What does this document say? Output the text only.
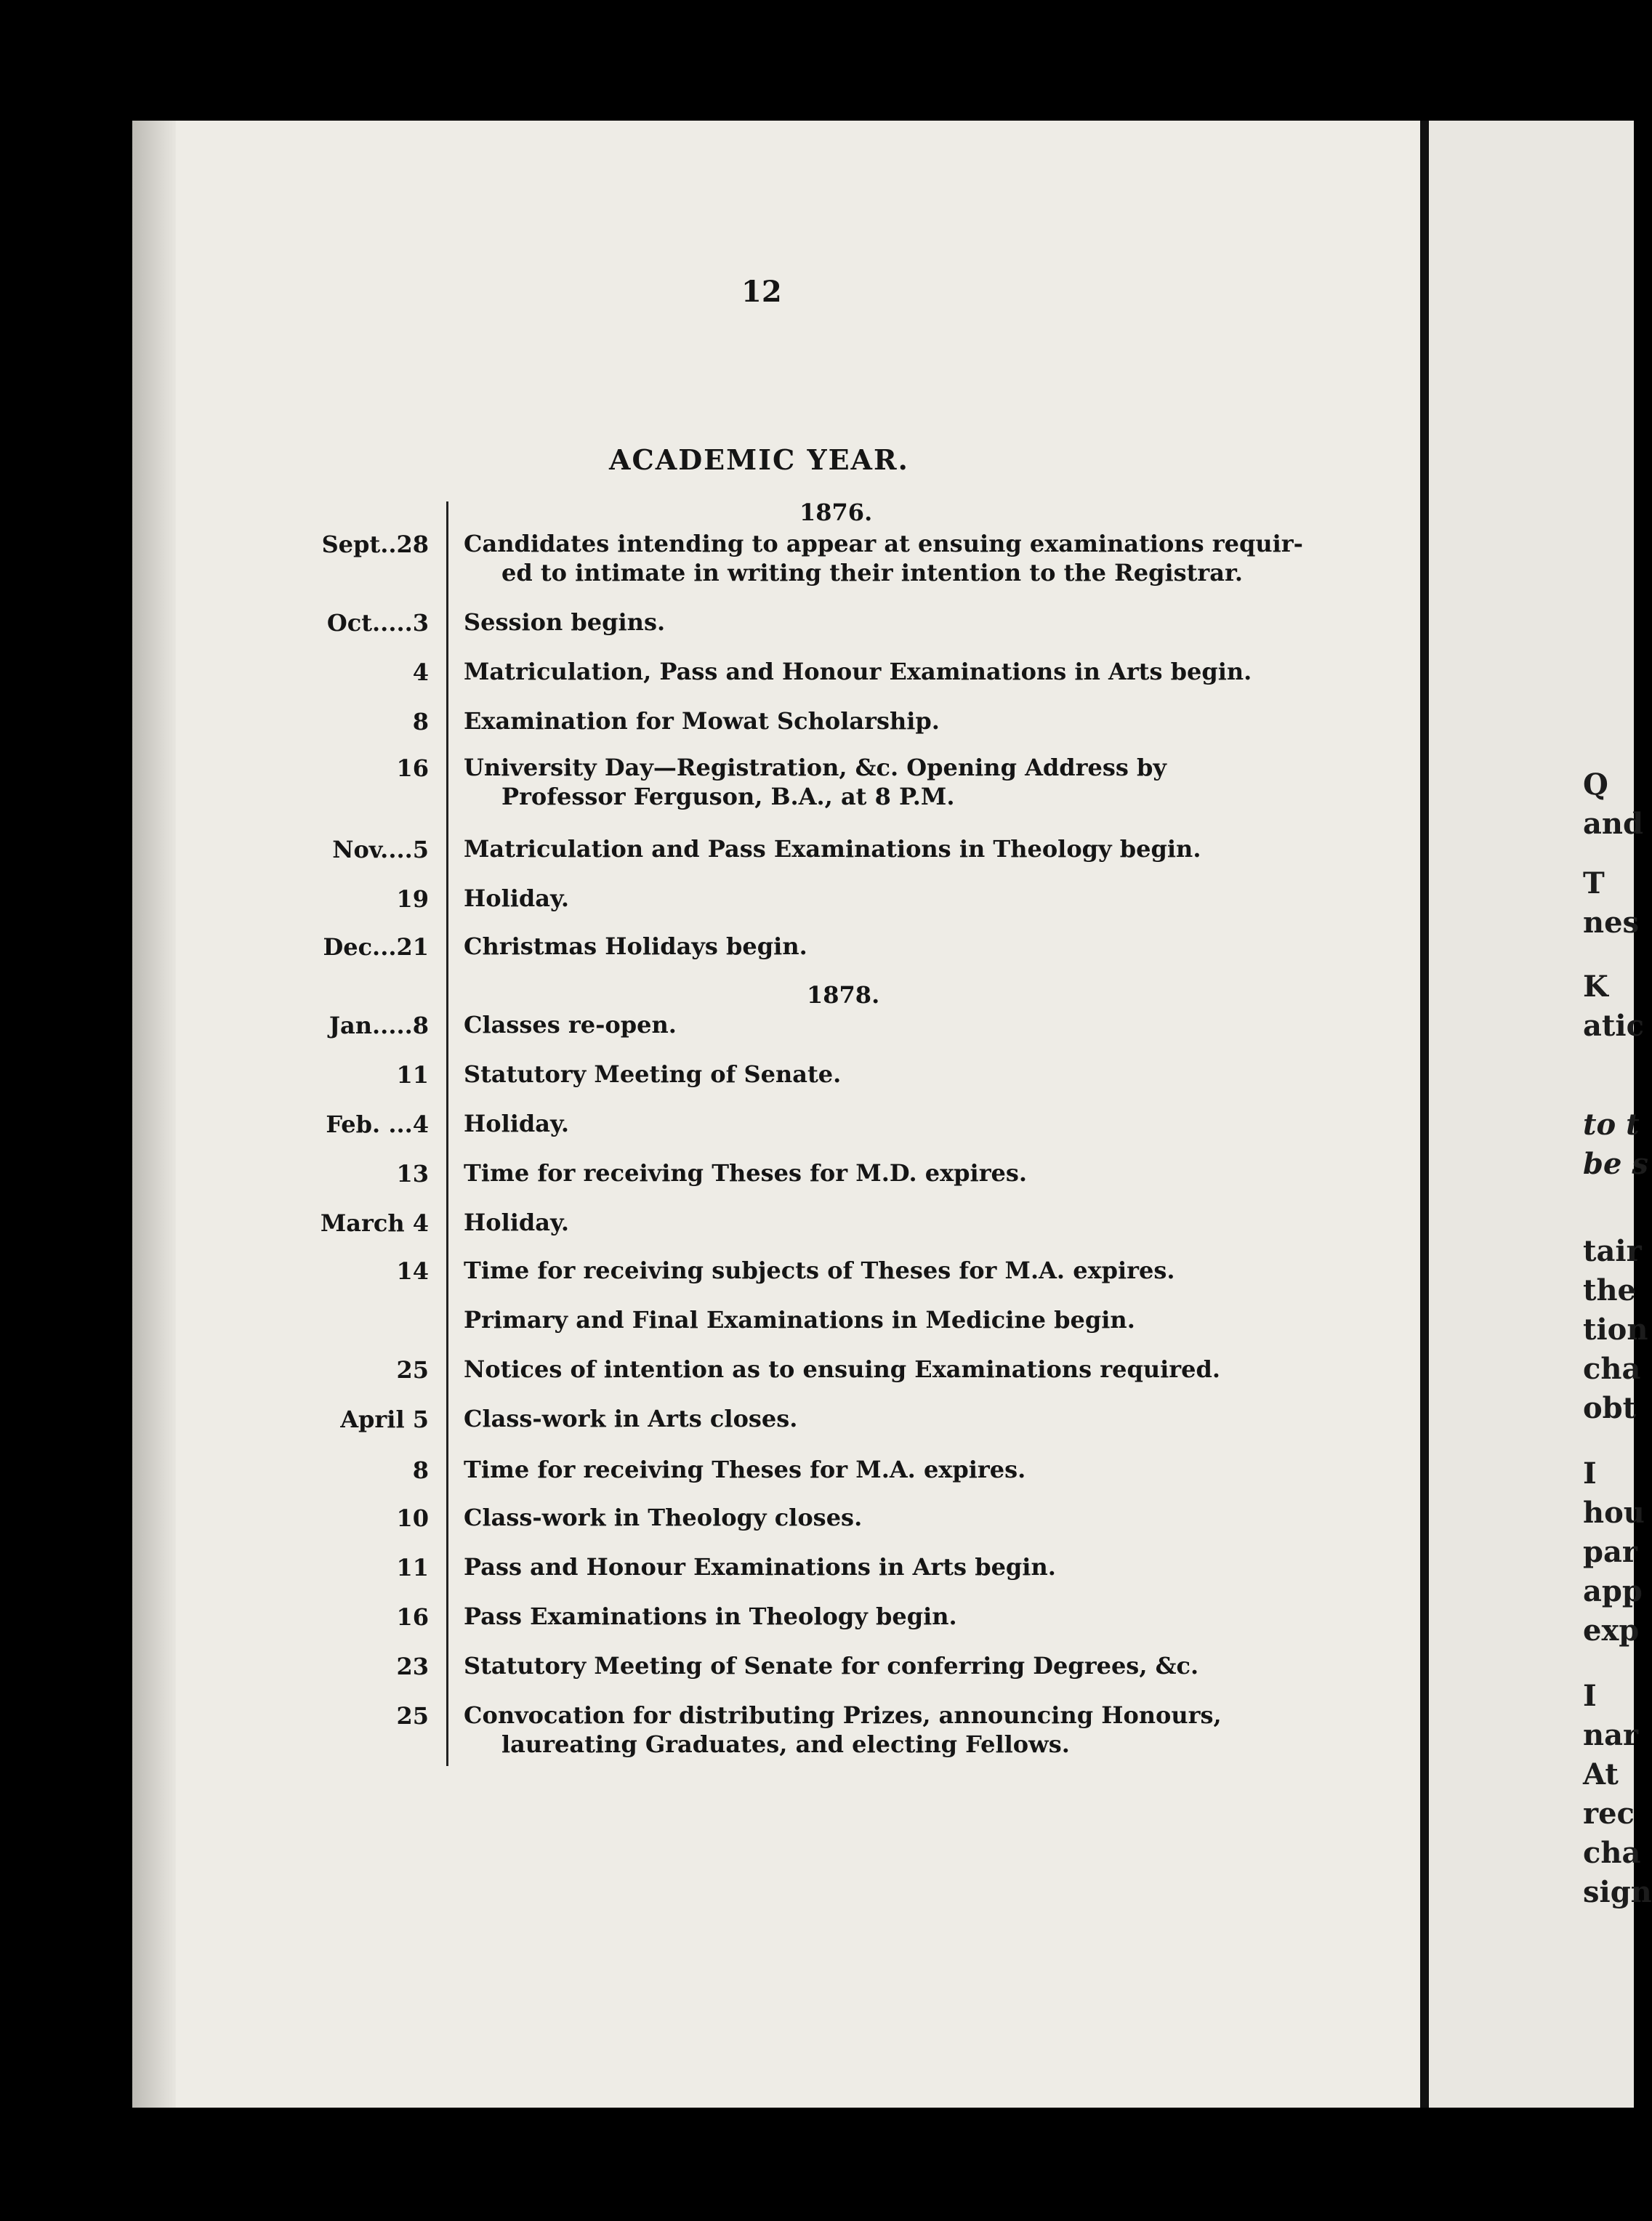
Q
and
T
nes
K
atic
to t
be s
tair
the
tion
cha
obt
I
hou
par
app
exp
I
nar
At
rec
cha
sign
12
ACADEMIC YEAR.
1876.
1878.
Sept..28 Candidates intending to appear at ensuing examinations requir-
ed to intimate in writing their intention to the Registrar.
Oct.....3 Session begins.
4 Matriculation, Pass and Honour Examinations in Arts begin.
8 Examination for Mowat Scholarship.
16 University Day—Registration, &c. Opening Address by
Professor Ferguson, B.A., at 8 P.M.
Nov....5 Matriculation and Pass Examinations in Theology begin.
19 Holiday.
Dec...21 Christmas Holidays begin.
Jan.....8 Classes re-open.
11 Statutory Meeting of Senate.
Feb. ...4 Holiday.
13 Time for receiving Theses for M.D. expires.
March 4 Holiday.
14 Time for receiving subjects of Theses for M.A. expires.
Primary and Final Examinations in Medicine begin.
25 Notices of intention as to ensuing Examinations required.
April 5 Class-work in Arts closes.
8 Time for receiving Theses for M.A. expires.
10 Class-work in Theology closes.
11 Pass and Honour Examinations in Arts begin.
16 Pass Examinations in Theology begin.
23 Statutory Meeting of Senate for conferring Degrees, &c.
25 Convocation for distributing Prizes, announcing Honours,
laureating Graduates, and electing Fellows.
